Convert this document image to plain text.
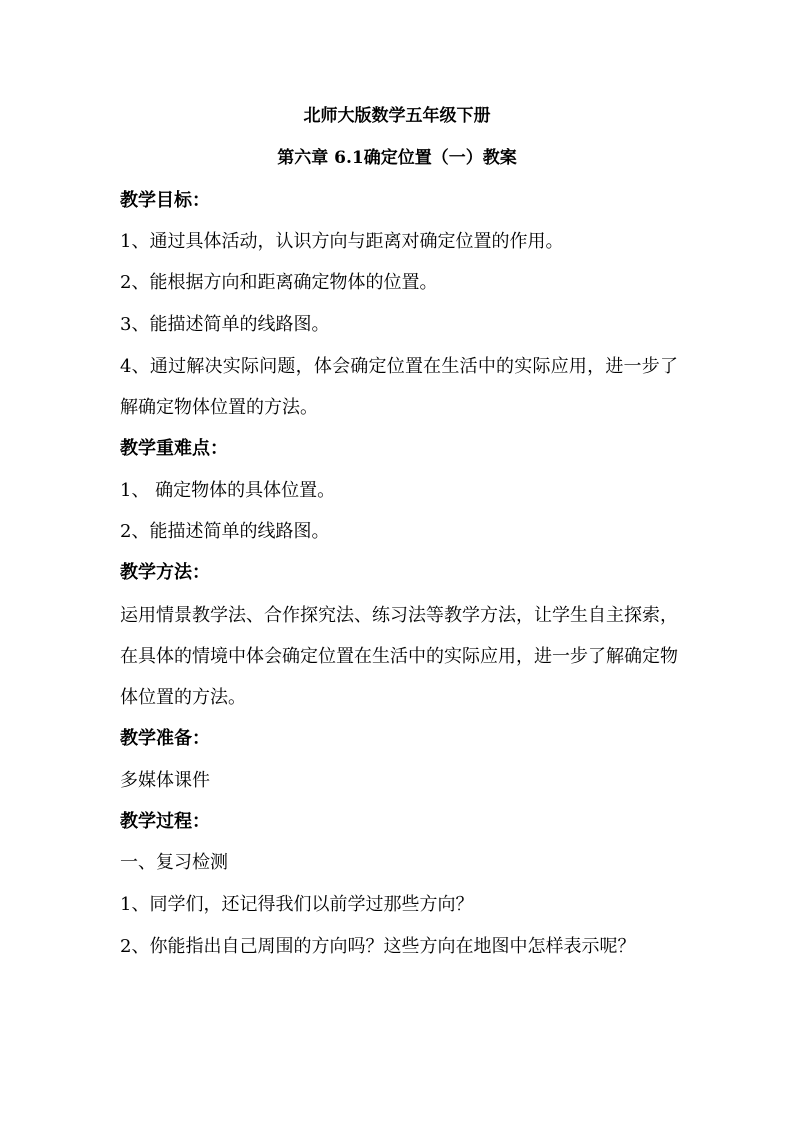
北师大版数学五年级下册
第六章 6.1确定位置（一）教案
教学目标：
1、通过具体活动，认识方向与距离对确定位置的作用。
2、能根据方向和距离确定物体的位置。
3、能描述简单的线路图。
4、通过解决实际问题，体会确定位置在生活中的实际应用，进一步了解确定物体位置的方法。
教学重难点：
1、 确定物体的具体位置。
2、能描述简单的线路图。
教学方法：
运用情景教学法、合作探究法、练习法等教学方法，让学生自主探索，在具体的情境中体会确定位置在生活中的实际应用，进一步了解确定物体位置的方法。
教学准备：
多媒体课件
教学过程：
一、复习检测
1、同学们，还记得我们以前学过那些方向？
2、你能指出自己周围的方向吗？这些方向在地图中怎样表示呢？
